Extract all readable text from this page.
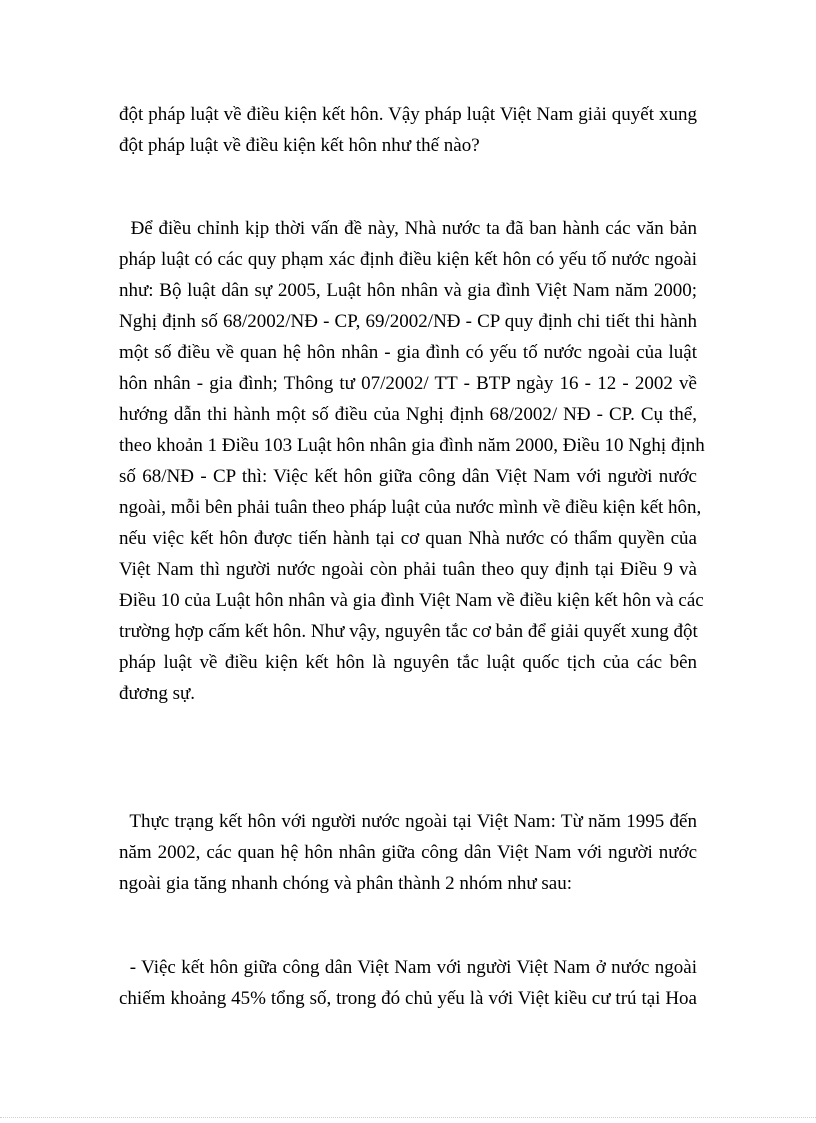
đột pháp luật về điều kiện kết hôn. Vậy pháp luật Việt Nam giải quyết xung
đột pháp luật về điều kiện kết hôn như thế nào?
Để điều chỉnh kịp thời vấn đề này, Nhà nước ta đã ban hành các văn bản
pháp luật có các quy phạm xác định điều kiện kết hôn có yếu tố nước ngoài
như: Bộ luật dân sự 2005, Luật hôn nhân và gia đình Việt Nam năm 2000;
Nghị định số 68/2002/NĐ - CP, 69/2002/NĐ - CP quy định chi tiết thi hành
một số điều về quan hệ hôn nhân - gia đình có yếu tố nước ngoài của luật
hôn nhân - gia đình; Thông tư 07/2002/ TT - BTP ngày 16 - 12 - 2002 về
hướng dẫn thi hành một số điều của Nghị định 68/2002/ NĐ - CP. Cụ thể,
theo khoản 1 Điều 103 Luật hôn nhân gia đình năm 2000, Điều 10 Nghị định
số 68/NĐ - CP thì: Việc kết hôn giữa công dân Việt Nam với người nước
ngoài, mỗi bên phải tuân theo pháp luật của nước mình về điều kiện kết hôn,
nếu việc kết hôn được tiến hành tại cơ quan Nhà nước có thẩm quyền của
Việt Nam thì người nước ngoài còn phải tuân theo quy định tại Điều 9 và
Điều 10 của Luật hôn nhân và gia đình Việt Nam về điều kiện kết hôn và các
trường hợp cấm kết hôn. Như vậy, nguyên tắc cơ bản để giải quyết xung đột
pháp luật về điều kiện kết hôn là nguyên tắc luật quốc tịch của các bên
đương sự.
Thực trạng kết hôn với người nước ngoài tại Việt Nam: Từ năm 1995 đến
năm 2002, các quan hệ hôn nhân giữa công dân Việt Nam với người nước
ngoài gia tăng nhanh chóng và phân thành 2 nhóm như sau:
- Việc kết hôn giữa công dân Việt Nam với người Việt Nam ở nước ngoài
chiếm khoảng 45% tổng số, trong đó chủ yếu là với Việt kiều cư trú tại Hoa
